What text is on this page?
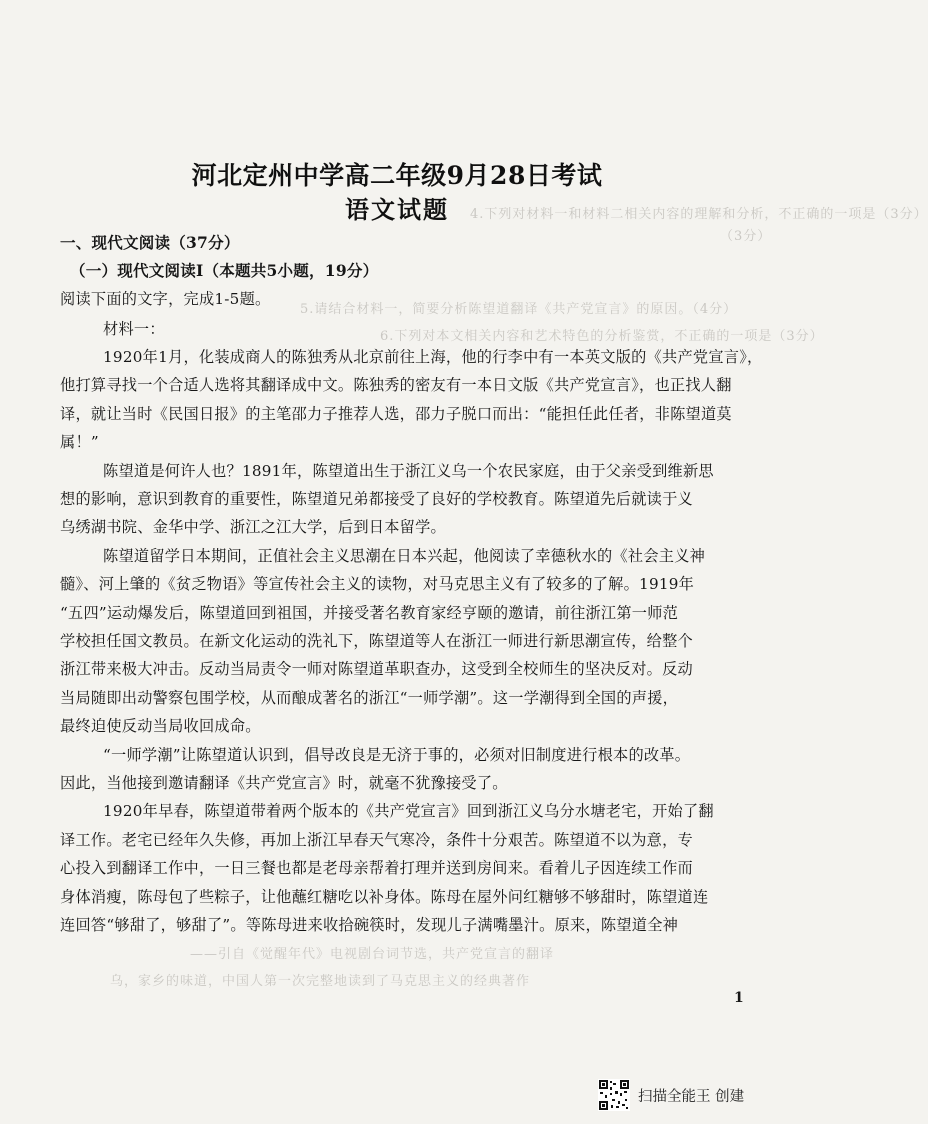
4.下列对材料一和材料二相关内容的理解和分析，不正确的一项是（3分）
（3分）
5.请结合材料一，简要分析陈望道翻译《共产党宣言》的原因。（4分）
6.下列对本文相关内容和艺术特色的分析鉴赏，不正确的一项是（3分）
——引自《觉醒年代》电视剧台词节选，共产党宣言的翻译
乌，家乡的味道，中国人第一次完整地读到了马克思主义的经典著作
河北定州中学高二年级9月28日考试
语文试题
一、现代文阅读（37分）
（一）现代文阅读Ⅰ（本题共5小题，19分）
阅读下面的文字，完成1-5题。
材料一：
1920年1月，化装成商人的陈独秀从北京前往上海，他的行李中有一本英文版的《共产党宣言》，
他打算寻找一个合适人选将其翻译成中文。陈独秀的密友有一本日文版《共产党宣言》，也正找人翻
译，就让当时《民国日报》的主笔邵力子推荐人选，邵力子脱口而出：“能担任此任者，非陈望道莫
属！”
陈望道是何许人也？1891年，陈望道出生于浙江义乌一个农民家庭，由于父亲受到维新思
想的影响，意识到教育的重要性，陈望道兄弟都接受了良好的学校教育。陈望道先后就读于义
乌绣湖书院、金华中学、浙江之江大学，后到日本留学。
陈望道留学日本期间，正值社会主义思潮在日本兴起，他阅读了幸德秋水的《社会主义神
髓》、河上肇的《贫乏物语》等宣传社会主义的读物，对马克思主义有了较多的了解。1919年
“五四”运动爆发后，陈望道回到祖国，并接受著名教育家经亨颐的邀请，前往浙江第一师范
学校担任国文教员。在新文化运动的洗礼下，陈望道等人在浙江一师进行新思潮宣传，给整个
浙江带来极大冲击。反动当局责令一师对陈望道革职查办，这受到全校师生的坚决反对。反动
当局随即出动警察包围学校，从而酿成著名的浙江“一师学潮”。这一学潮得到全国的声援，
最终迫使反动当局收回成命。
“一师学潮”让陈望道认识到，倡导改良是无济于事的，必须对旧制度进行根本的改革。
因此，当他接到邀请翻译《共产党宣言》时，就毫不犹豫接受了。
1920年早春，陈望道带着两个版本的《共产党宣言》回到浙江义乌分水塘老宅，开始了翻
译工作。老宅已经年久失修，再加上浙江早春天气寒冷，条件十分艰苦。陈望道不以为意，专
心投入到翻译工作中，一日三餐也都是老母亲帮着打理并送到房间来。看着儿子因连续工作而
身体消瘦，陈母包了些粽子，让他蘸红糖吃以补身体。陈母在屋外问红糖够不够甜时，陈望道连
连回答“够甜了，够甜了”。等陈母进来收拾碗筷时，发现儿子满嘴墨汁。原来，陈望道全神
1
扫描全能王 创建
